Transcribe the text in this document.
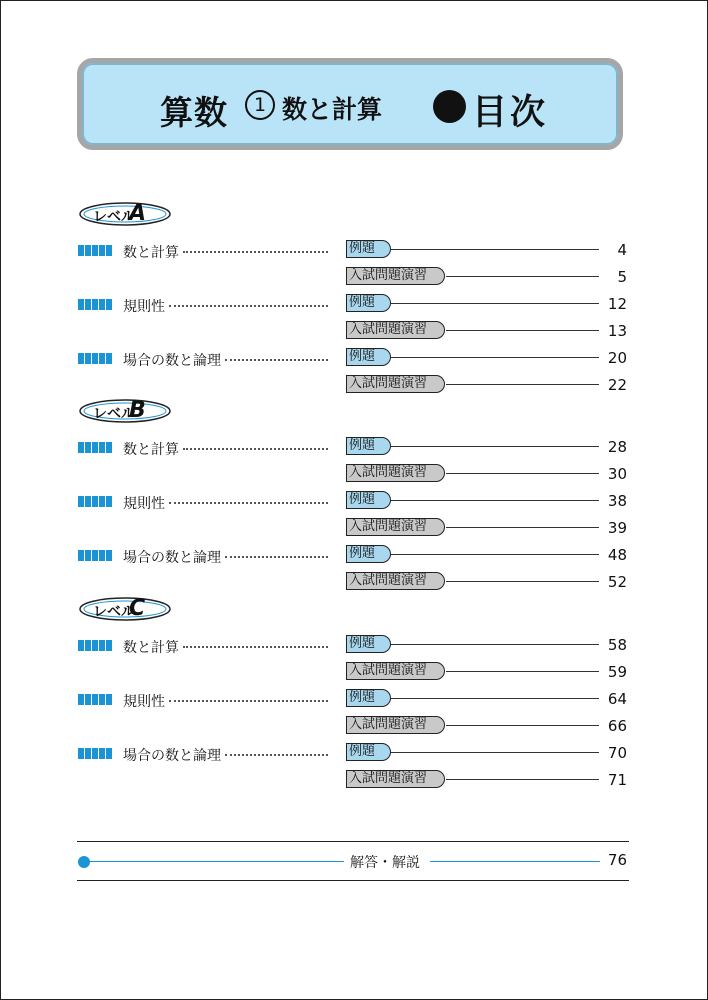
算数	1 数と計算	目次
レベル
A
数と計算	例題	4
入試問題演習	5
規則性	例題	12
入試問題演習	13
場合の数と論理	例題	20
入試問題演習	22
レベル
B
数と計算	例題	28
入試問題演習	30
規則性	例題	38
入試問題演習	39
場合の数と論理	例題	48
入試問題演習	52
レベル
C
数と計算	例題	58
入試問題演習	59
規則性	例題	64
入試問題演習	66
場合の数と論理	例題	70
入試問題演習	71
解答・解説	76
